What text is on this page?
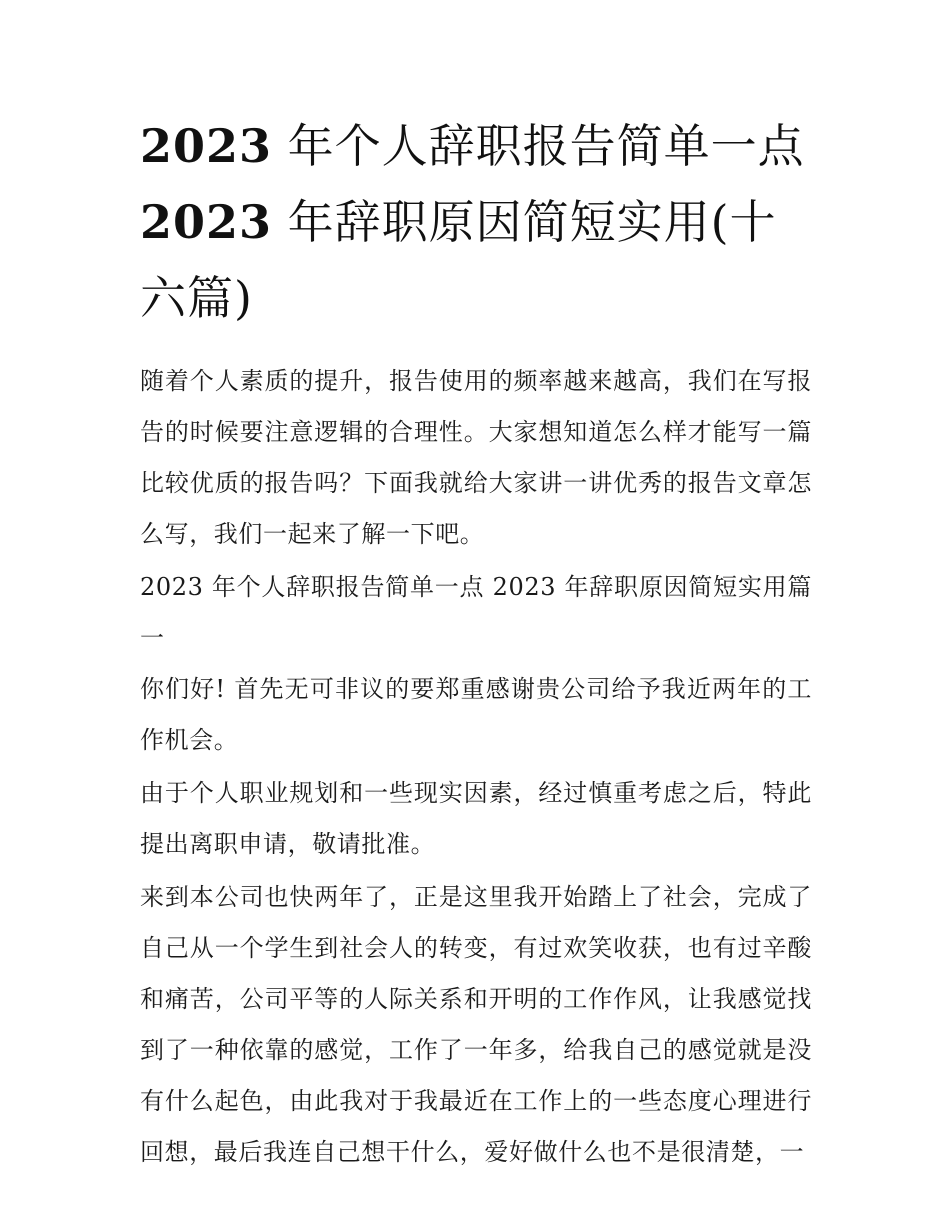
2023 年个人辞职报告简单一点
2023 年辞职原因简短实用(十六篇)

随着个人素质的提升，报告使用的频率越来越高，我们在写报告的时候要注意逻辑的合理性。大家想知道怎么样才能写一篇比较优质的报告吗？下面我就给大家讲一讲优秀的报告文章怎么写，我们一起来了解一下吧。

2023 年个人辞职报告简单一点 2023 年辞职原因简短实用篇一

你们好! 首先无可非议的要郑重感谢贵公司给予我近两年的工作机会。

由于个人职业规划和一些现实因素，经过慎重考虑之后，特此提出离职申请，敬请批准。

来到本公司也快两年了，正是这里我开始踏上了社会，完成了自己从一个学生到社会人的转变，有过欢笑收获，也有过辛酸和痛苦，公司平等的人际关系和开明的工作作风，让我感觉找到了一种依靠的感觉，工作了一年多，给我自己的感觉就是没有什么起色，由此我对于我最近在工作上的一些态度心理进行回想，最后我连自己想干什么，爱好做什么也不是很清楚，一
